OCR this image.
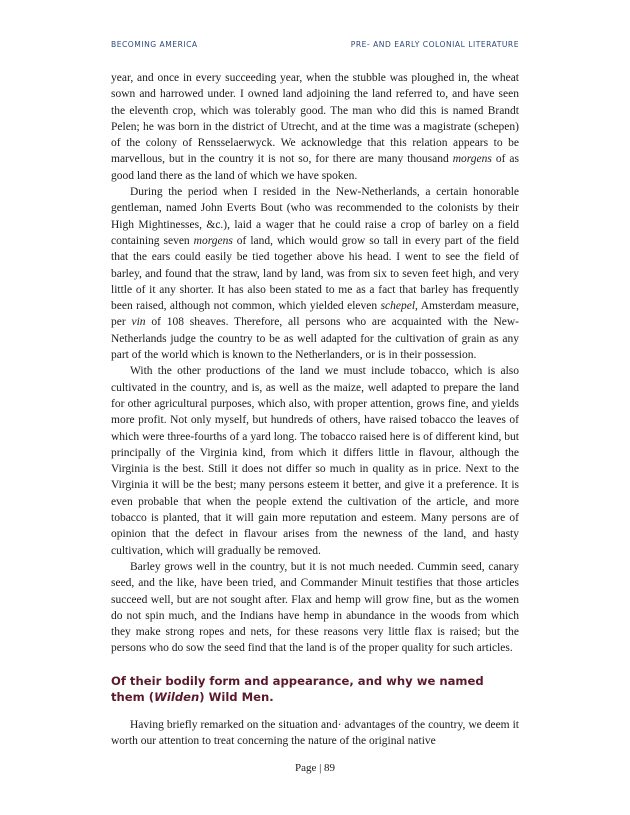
BECOMING AMERICA	PRE- AND EARLY COLONIAL LITERATURE

year, and once in every succeeding year, when the stubble was ploughed in, the wheat sown and harrowed under. I owned land adjoining the land referred to, and have seen the eleventh crop, which was tolerably good. The man who did this is named Brandt Pelen; he was born in the district of Utrecht, and at the time was a magistrate (schepen) of the colony of Rensselaerwyck. We acknowledge that this relation appears to be marvellous, but in the country it is not so, for there are many thousand morgens of as good land there as the land of which we have spoken.

During the period when I resided in the New-Netherlands, a certain honorable gentleman, named John Everts Bout (who was recommended to the colonists by their High Mightinesses, &c.), laid a wager that he could raise a crop of barley on a field containing seven morgens of land, which would grow so tall in every part of the field that the ears could easily be tied together above his head. I went to see the field of barley, and found that the straw, land by land, was from six to seven feet high, and very little of it any shorter. It has also been stated to me as a fact that barley has frequently been raised, although not common, which yielded eleven schepel, Amsterdam measure, per vin of 108 sheaves. Therefore, all persons who are acquainted with the New-Netherlands judge the country to be as well adapted for the cultivation of grain as any part of the world which is known to the Netherlanders, or is in their possession.

With the other productions of the land we must include tobacco, which is also cultivated in the country, and is, as well as the maize, well adapted to prepare the land for other agricultural purposes, which also, with proper attention, grows fine, and yields more profit. Not only myself, but hundreds of others, have raised tobacco the leaves of which were three-fourths of a yard long. The tobacco raised here is of different kind, but principally of the Virginia kind, from which it differs little in flavour, although the Virginia is the best. Still it does not differ so much in quality as in price. Next to the Virginia it will be the best; many persons esteem it better, and give it a preference. It is even probable that when the people extend the cultivation of the article, and more tobacco is planted, that it will gain more reputation and esteem. Many persons are of opinion that the defect in flavour arises from the newness of the land, and hasty cultivation, which will gradually be removed.

Barley grows well in the country, but it is not much needed. Cummin seed, canary seed, and the like, have been tried, and Commander Minuit testifies that those articles succeed well, but are not sought after. Flax and hemp will grow fine, but as the women do not spin much, and the Indians have hemp in abundance in the woods from which they make strong ropes and nets, for these reasons very little flax is raised; but the persons who do sow the seed find that the land is of the proper quality for such articles.

Of their bodily form and appearance, and why we named them (Wilden) Wild Men.

Having briefly remarked on the situation and· advantages of the country, we deem it worth our attention to treat concerning the nature of the original native

Page | 89
